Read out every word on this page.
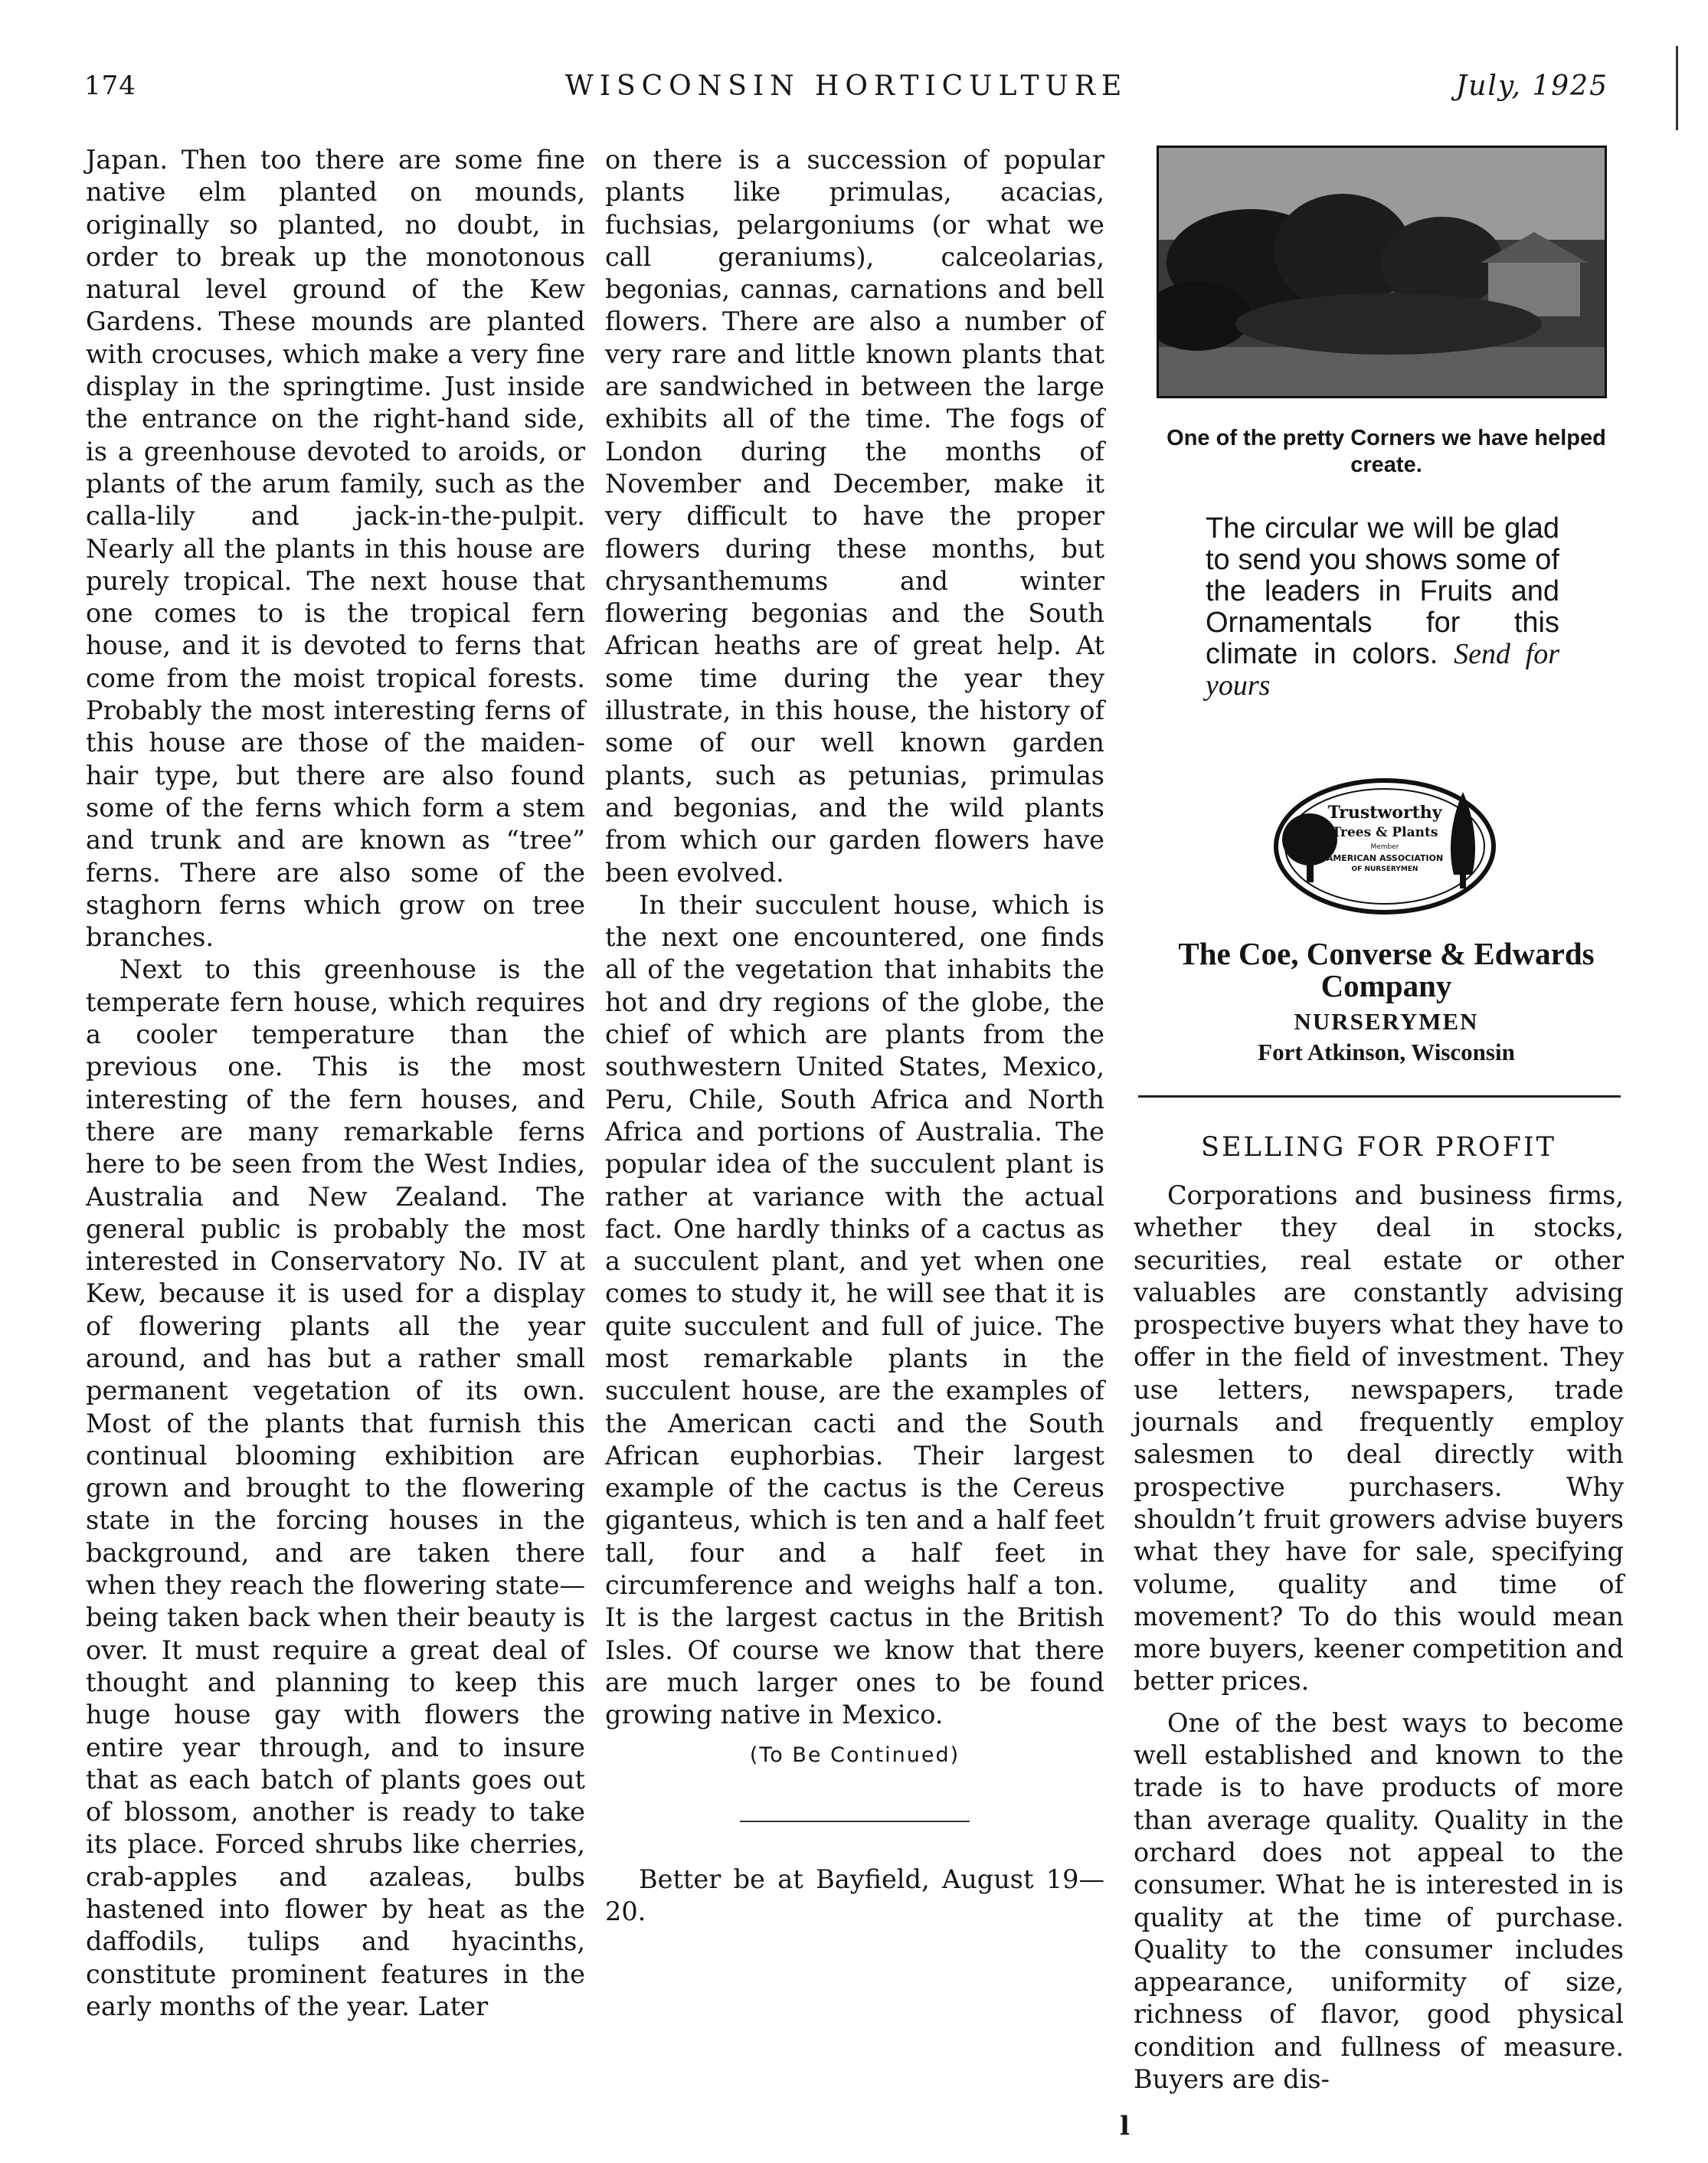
174	WISCONSIN HORTICULTURE	July, 1925

Japan. Then too there are some fine native elm planted on mounds, originally so planted, no doubt, in order to break up the monotonous natural level ground of the Kew Gardens. These mounds are planted with crocuses, which make a very fine display in the springtime. Just inside the entrance on the right-hand side, is a greenhouse devoted to aroids, or plants of the arum family, such as the calla-lily and jack-in-the-pulpit. Nearly all the plants in this house are purely tropical. The next house that one comes to is the tropical fern house, and it is devoted to ferns that come from the moist tropical forests. Probably the most interesting ferns of this house are those of the maiden-hair type, but there are also found some of the ferns which form a stem and trunk and are known as “tree” ferns. There are also some of the staghorn ferns which grow on tree branches.

Next to this greenhouse is the temperate fern house, which requires a cooler temperature than the previous one. This is the most interesting of the fern houses, and there are many remarkable ferns here to be seen from the West Indies, Australia and New Zealand. The general public is probably the most interested in Conservatory No. IV at Kew, because it is used for a display of flowering plants all the year around, and has but a rather small permanent vegetation of its own. Most of the plants that furnish this continual blooming exhibition are grown and brought to the flowering state in the forcing houses in the background, and are taken there when they reach the flowering state—being taken back when their beauty is over. It must require a great deal of thought and planning to keep this huge house gay with flowers the entire year through, and to insure that as each batch of plants goes out of blossom, another is ready to take its place. Forced shrubs like cherries, crab-apples and azaleas, bulbs hastened into flower by heat as the daffodils, tulips and hyacinths, constitute prominent features in the early months of the year. Later

on there is a succession of popular plants like primulas, acacias, fuchsias, pelargoniums (or what we call geraniums), calceolarias, begonias, cannas, carnations and bell flowers. There are also a number of very rare and little known plants that are sandwiched in between the large exhibits all of the time. The fogs of London during the months of November and December, make it very difficult to have the proper flowers during these months, but chrysanthemums and winter flowering begonias and the South African heaths are of great help. At some time during the year they illustrate, in this house, the history of some of our well known garden plants, such as petunias, primulas and begonias, and the wild plants from which our garden flowers have been evolved.

In their succulent house, which is the next one encountered, one finds all of the vegetation that inhabits the hot and dry regions of the globe, the chief of which are plants from the southwestern United States, Mexico, Peru, Chile, South Africa and North Africa and portions of Australia. The popular idea of the succulent plant is rather at variance with the actual fact. One hardly thinks of a cactus as a succulent plant, and yet when one comes to study it, he will see that it is quite succulent and full of juice. The most remarkable plants in the succulent house, are the examples of the American cacti and the South African euphorbias. Their largest example of the cactus is the Cereus giganteus, which is ten and a half feet tall, four and a half feet in circumference and weighs half a ton. It is the largest cactus in the British Isles. Of course we know that there are much larger ones to be found growing native in Mexico.

(To Be Continued)

Better be at Bayfield, August 19—20.

One of the pretty Corners we have helped create.
The circular we will be glad to send you shows some of the leaders in Fruits and Ornamentals for this climate in colors. Send for yours
Trustworthy
Trees & Plants
Member
AMERICAN ASSOCIATION
OF NURSERYMEN
The Coe, Converse & Edwards Company
NURSERYMEN
Fort Atkinson, Wisconsin
SELLING FOR PROFIT

Corporations and business firms, whether they deal in stocks, securities, real estate or other valuables are constantly advising prospective buyers what they have to offer in the field of investment. They use letters, newspapers, trade journals and frequently employ salesmen to deal directly with prospective purchasers. Why shouldn’t fruit growers advise buyers what they have for sale, specifying volume, quality and time of movement? To do this would mean more buyers, keener competition and better prices.

One of the best ways to become well established and known to the trade is to have products of more than average quality. Quality in the orchard does not appeal to the consumer. What he is interested in is quality at the time of purchase. Quality to the consumer includes appearance, uniformity of size, richness of flavor, good physical condition and fullness of measure. Buyers are dis-

l
